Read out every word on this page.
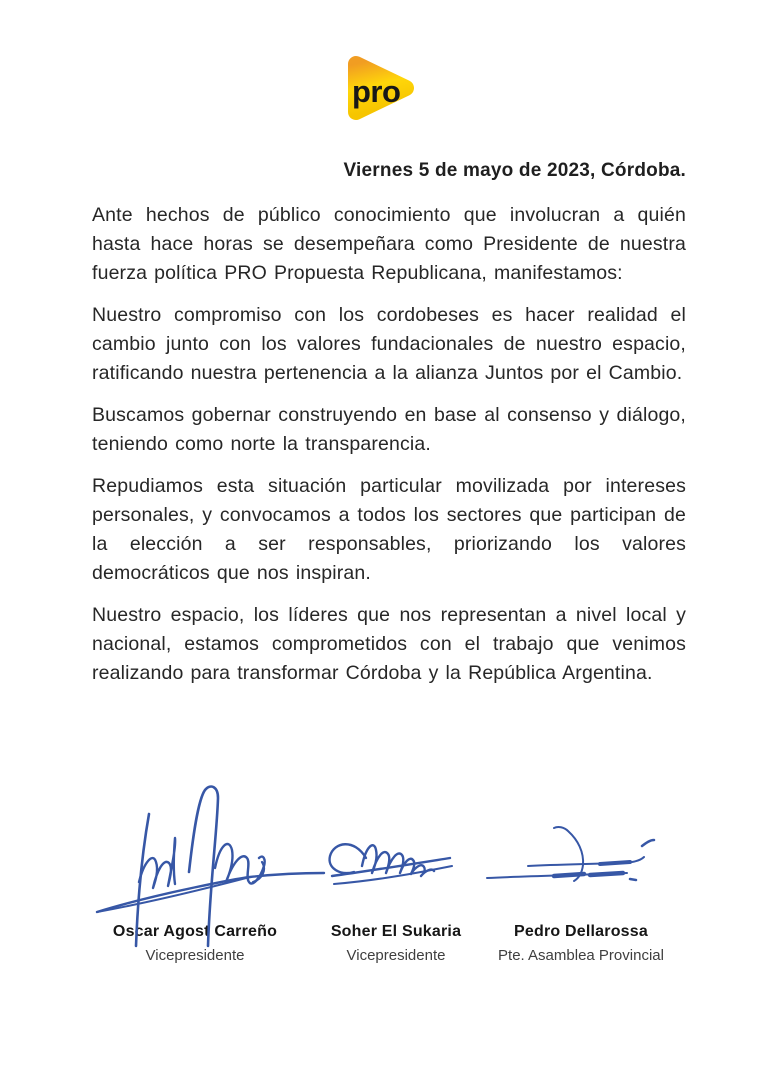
pro
Viernes 5 de mayo de 2023, Córdoba.

Ante hechos de público conocimiento que involucran a quién hasta hace horas se desempeñara como Presidente de nuestra fuerza política PRO Propuesta Republicana, manifestamos:

Nuestro compromiso con los cordobeses es hacer realidad el cambio junto con los valores fundacionales de nuestro espacio, ratificando nuestra pertenencia a la alianza Juntos por el Cambio.

Buscamos gobernar construyendo en base al consenso y diálogo, teniendo como norte la transparencia.

Repudiamos esta situación particular movilizada por intereses personales, y convocamos a todos los sectores que participan de la elección a ser responsables, priorizando los valores democráticos que nos inspiran.

Nuestro espacio, los líderes que nos representan a nivel local y nacional, estamos comprometidos con el trabajo que venimos realizando para transformar Córdoba y la República Argentina.

Oscar Agost Carreño
Vicepresidente
Soher El Sukaria
Vicepresidente
Pedro Dellarossa
Pte. Asamblea Provincial
